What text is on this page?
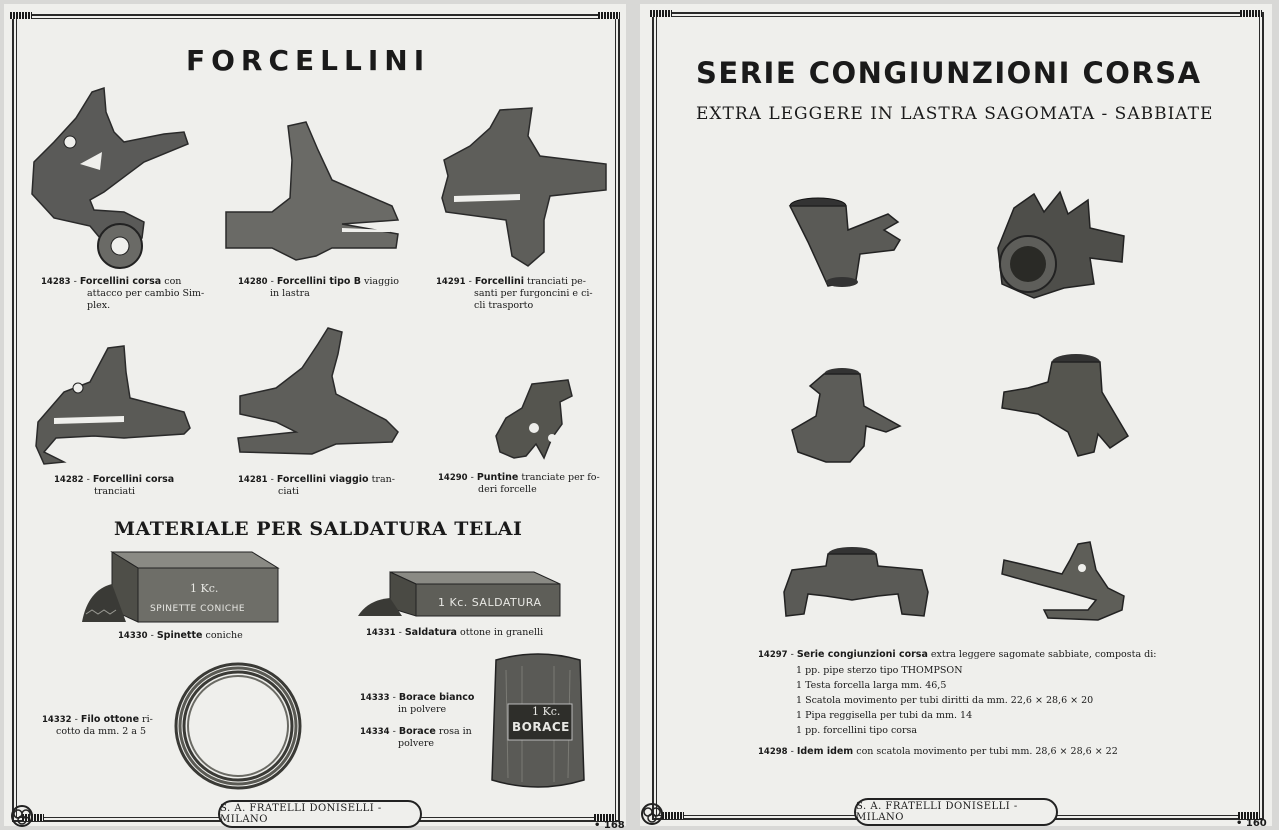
FORCELLINI
14283 - Forcellini corsa con
attacco per cambio Sim-
plex.
14280 - Forcellini tipo B viaggio
in lastra
14291 - Forcellini tranciati pe-
santi per furgoncini e ci-
cli trasporto
14282 - Forcellini corsa
tranciati
14281 - Forcellini viaggio tran-
ciati
14290 - Puntine tranciate per fo-
deri forcelle
MATERIALE PER SALDATURA TELAI
1 Kc.
SPINETTE CONICHE	1 Kc. SALDATURA
14330 - Spinette coniche	14331 - Saldatura ottone in granelli
14332 - Filo ottone ri-
cotto da mm. 2 a 5
14333 - Borace bianco
in polvere
14334 - Borace rosa in
polvere
1 Kc.
BORACE
S. A. FRATELLI DONISELLI - MILANO
• 168
SERIE CONGIUNZIONI CORSA
EXTRA LEGGERE IN LASTRA SAGOMATA - SABBIATE
14297 - Serie congiunzioni corsa extra leggere sagomate sabbiate, composta di:
1 pp. pipe sterzo tipo THOMPSON
1 Testa forcella larga mm. 46,5
1 Scatola movimento per tubi diritti da mm. 22,6 × 28,6 × 20
1 Pipa reggisella per tubi da mm. 14
1 pp. forcellini tipo corsa
14298 - Idem idem con scatola movimento per tubi mm. 28,6 × 28,6 × 22
S. A. FRATELLI DONISELLI - MILANO
• 160
